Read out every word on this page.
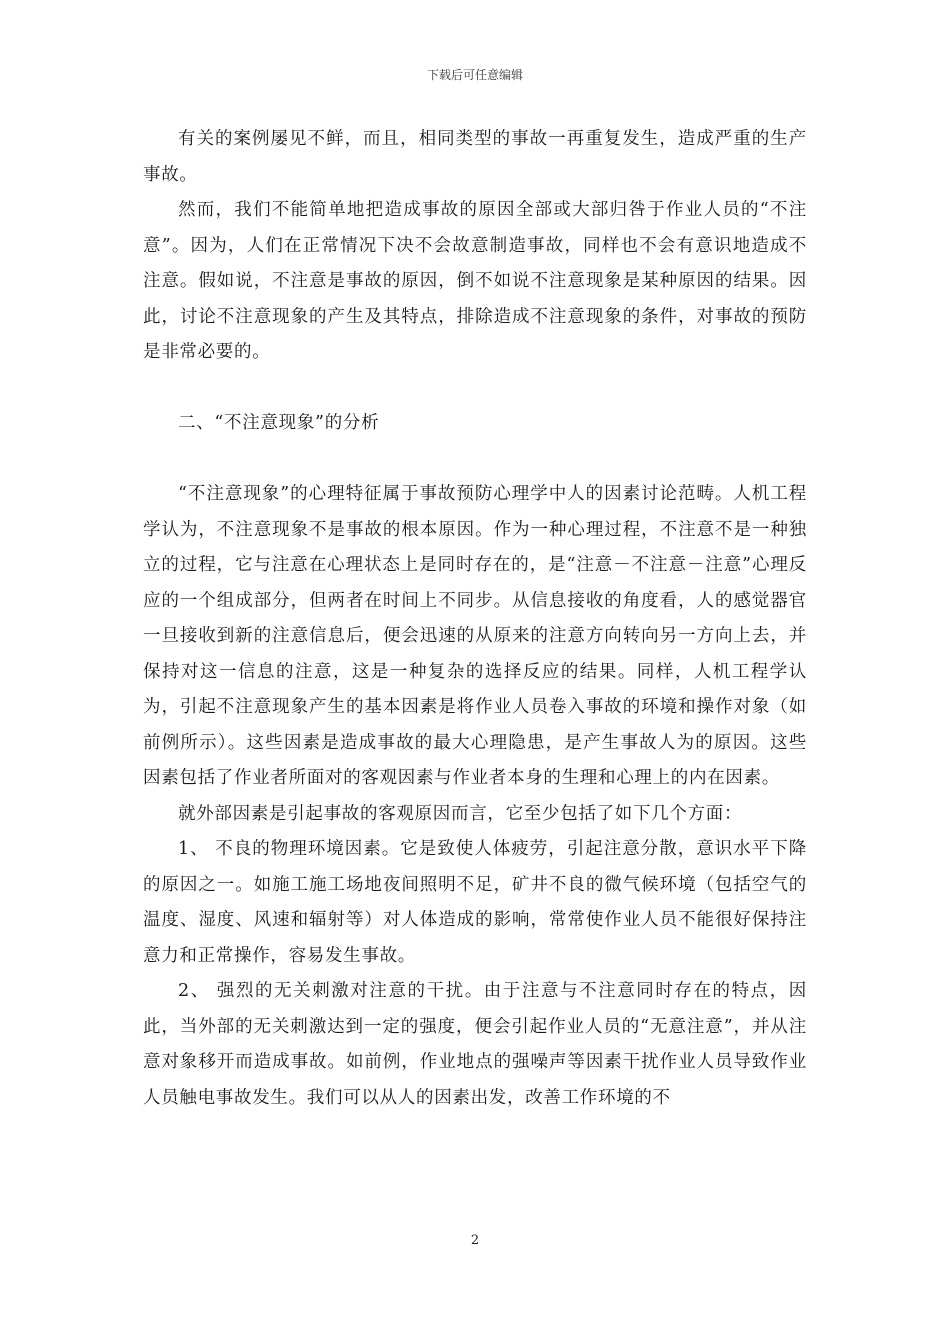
下载后可任意编辑

有关的案例屡见不鲜，而且，相同类型的事故一再重复发生，造成严重的生产事故。

然而，我们不能简单地把造成事故的原因全部或大部归咎于作业人员的“不注意”。因为，人们在正常情况下决不会故意制造事故，同样也不会有意识地造成不注意。假如说，不注意是事故的原因，倒不如说不注意现象是某种原因的结果。因此，讨论不注意现象的产生及其特点，排除造成不注意现象的条件，对事故的预防是非常必要的。

二、“不注意现象”的分析

“不注意现象”的心理特征属于事故预防心理学中人的因素讨论范畴。人机工程学认为，不注意现象不是事故的根本原因。作为一种心理过程，不注意不是一种独立的过程，它与注意在心理状态上是同时存在的，是“注意－不注意－注意”心理反应的一个组成部分，但两者在时间上不同步。从信息接收的角度看，人的感觉器官一旦接收到新的注意信息后，便会迅速的从原来的注意方向转向另一方向上去，并保持对这一信息的注意，这是一种复杂的选择反应的结果。同样，人机工程学认为，引起不注意现象产生的基本因素是将作业人员卷入事故的环境和操作对象（如前例所示）。这些因素是造成事故的最大心理隐患，是产生事故人为的原因。这些因素包括了作业者所面对的客观因素与作业者本身的生理和心理上的内在因素。

就外部因素是引起事故的客观原因而言，它至少包括了如下几个方面：

1、 不良的物理环境因素。它是致使人体疲劳，引起注意分散，意识水平下降的原因之一。如施工施工场地夜间照明不足，矿井不良的微气候环境（包括空气的温度、湿度、风速和辐射等）对人体造成的影响，常常使作业人员不能很好保持注意力和正常操作，容易发生事故。

2、 强烈的无关刺激对注意的干扰。由于注意与不注意同时存在的特点，因此，当外部的无关刺激达到一定的强度，便会引起作业人员的“无意注意”，并从注意对象移开而造成事故。如前例，作业地点的强噪声等因素干扰作业人员导致作业人员触电事故发生。我们可以从人的因素出发，改善工作环境的不

2
